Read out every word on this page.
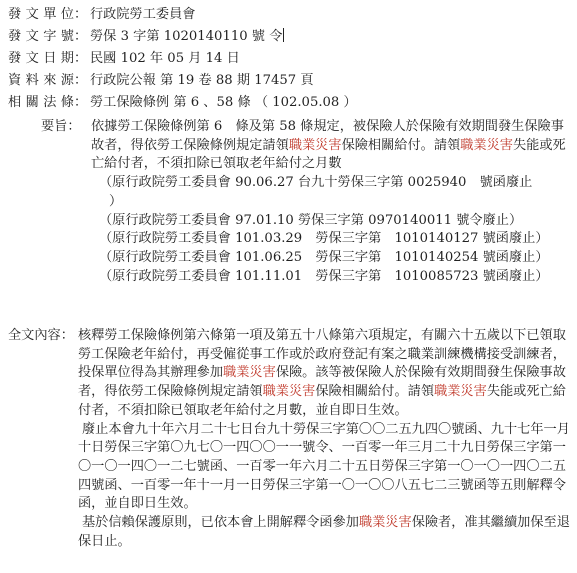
發文單位 ： 行政院勞工委員會
發文字號 ： 勞保 3 字第 1020140110 號 令
發文日期 ： 民國 102 年 05 月 14 日
資料來源 ： 行政院公報 第 19 卷 88 期 17457 頁
相關法條 ： 勞工保險條例 第 6 、58 條 （ 102.05.08 ）
要旨： 依據勞工保險條例第 6　條及第 58 條規定，被保險人於保險有效期間發生保險事故者，得依勞工保險條例規定請領職業災害保險相關給付。請領職業災害失能或死亡給付者，不須扣除已領取老年給付之月數

（原行政院勞工委員會 90.06.27 台九十勞保三字第 0025940　號函廢止

）

（原行政院勞工委員會 97.01.10 勞保三字第 0970140011 號令廢止）

（原行政院勞工委員會 101.03.29　勞保三字第　1010140127 號函廢止）

（原行政院勞工委員會 101.06.25　勞保三字第　1010140254 號函廢止）

（原行政院勞工委員會 101.11.01　勞保三字第　1010085723 號函廢止）

全文內容： 核釋勞工保險條例第六條第一項及第五十八條第六項規定，有關六十五歲以下已領取勞工保險老年給付，再受僱從事工作或於政府登記有案之職業訓練機構接受訓練者，投保單位得為其辦理參加職業災害保險。該等被保險人於保險有效期間發生保險事故者，得依勞工保險條例規定請領職業災害保險相關給付。請領職業災害失能或死亡給付者，不須扣除已領取老年給付之月數，並自即日生效。

廢止本會九十年六月二十七日台九十勞保三字第〇〇二五九四〇號函、九十七年一月十日勞保三字第〇九七〇一四〇〇一一號令、一百零一年三月二十九日勞保三字第一〇一〇一四〇一二七號函、一百零一年六月二十五日勞保三字第一〇一〇一四〇二五四號函、一百零一年十一月一日勞保三字第一〇一〇〇八五七二三號函等五則解釋令函，並自即日生效。

基於信賴保護原則，已依本會上開解釋令函參加職業災害保險者，准其繼續加保至退保日止。
